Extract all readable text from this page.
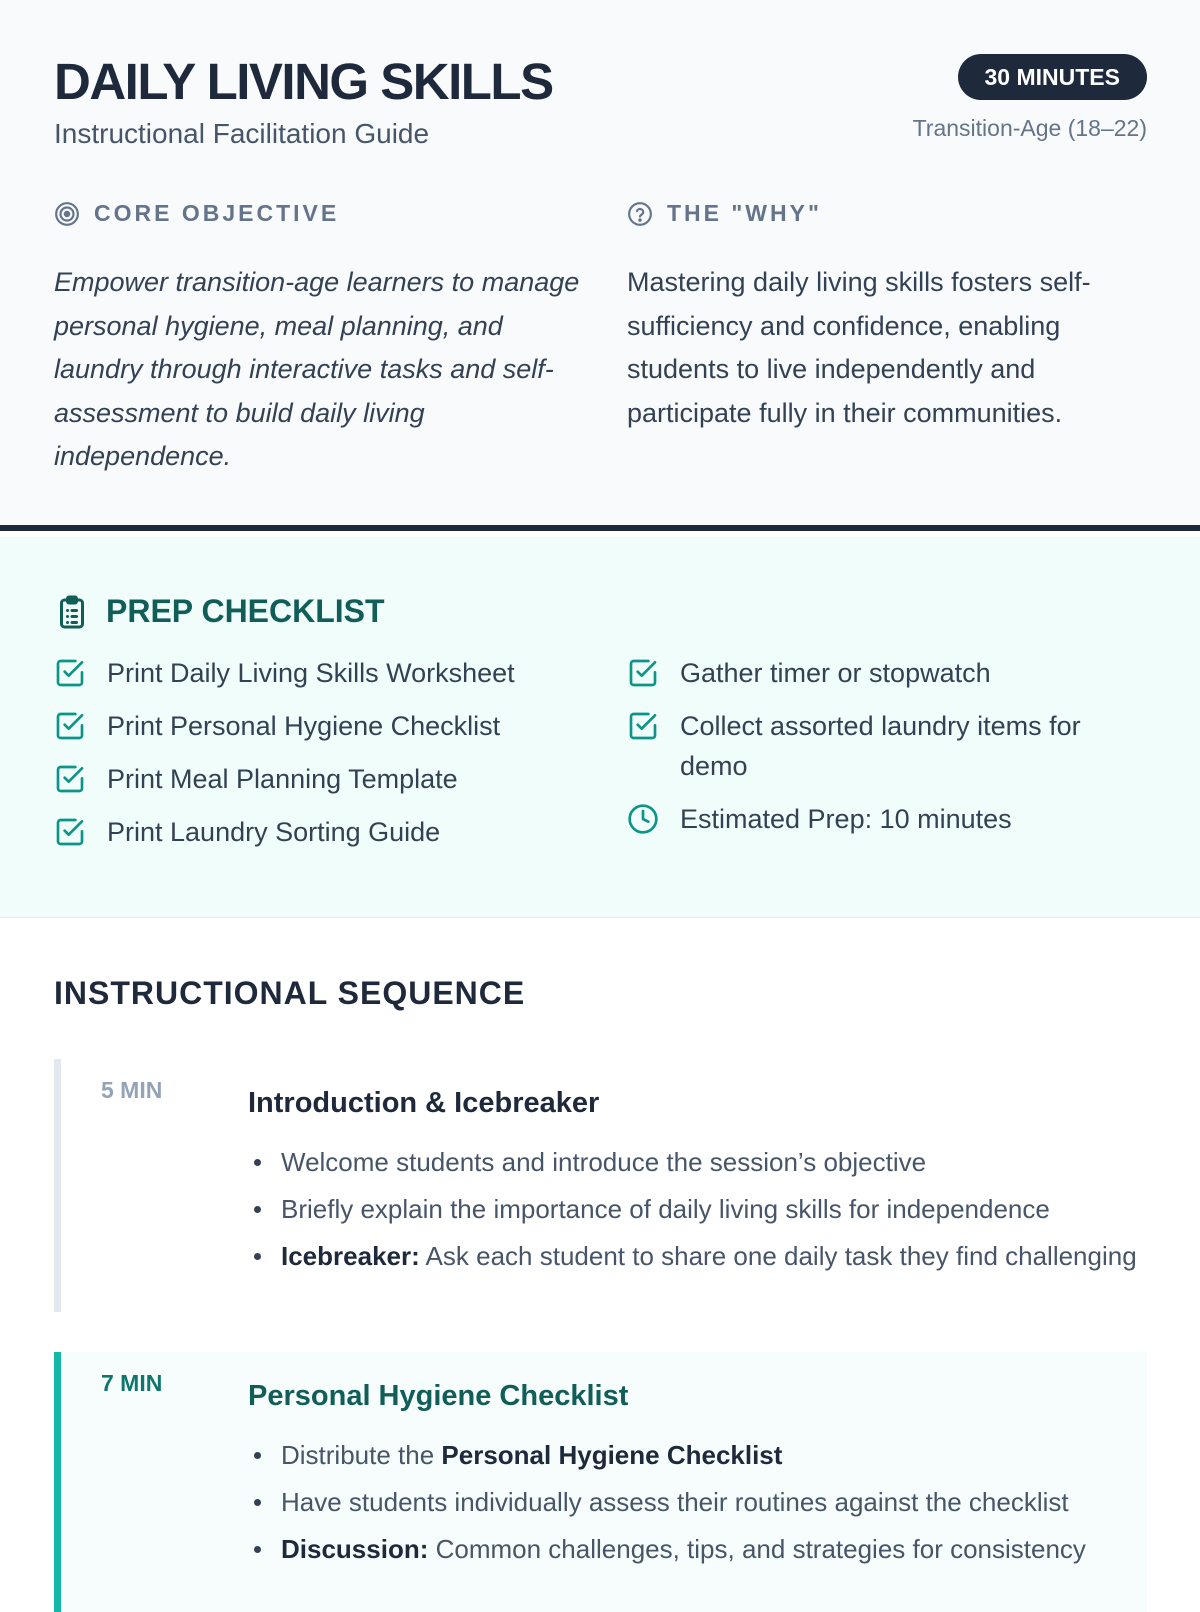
DAILY LIVING SKILLS
Instructional Facilitation Guide
30 MINUTES
Transition-Age (18–22)
CORE OBJECTIVE

Empower transition-age learners to manage personal hygiene, meal planning, and laundry through interactive tasks and self-assessment to build daily living independence.

THE "WHY"

Mastering daily living skills fosters self-sufficiency and confidence, enabling students to live independently and participate fully in their communities.

PREP CHECKLIST
Print Daily Living Skills Worksheet
Print Personal Hygiene Checklist
Print Meal Planning Template
Print Laundry Sorting Guide
Gather timer or stopwatch
Collect assorted laundry items for demo
Estimated Prep: 10 minutes
INSTRUCTIONAL SEQUENCE
5 MIN	Introduction & Icebreaker
Welcome students and introduce the session’s objective
Briefly explain the importance of daily living skills for independence
Icebreaker: Ask each student to share one daily task they find challenging
7 MIN	Personal Hygiene Checklist
Distribute the Personal Hygiene Checklist
Have students individually assess their routines against the checklist
Discussion: Common challenges, tips, and strategies for consistency
